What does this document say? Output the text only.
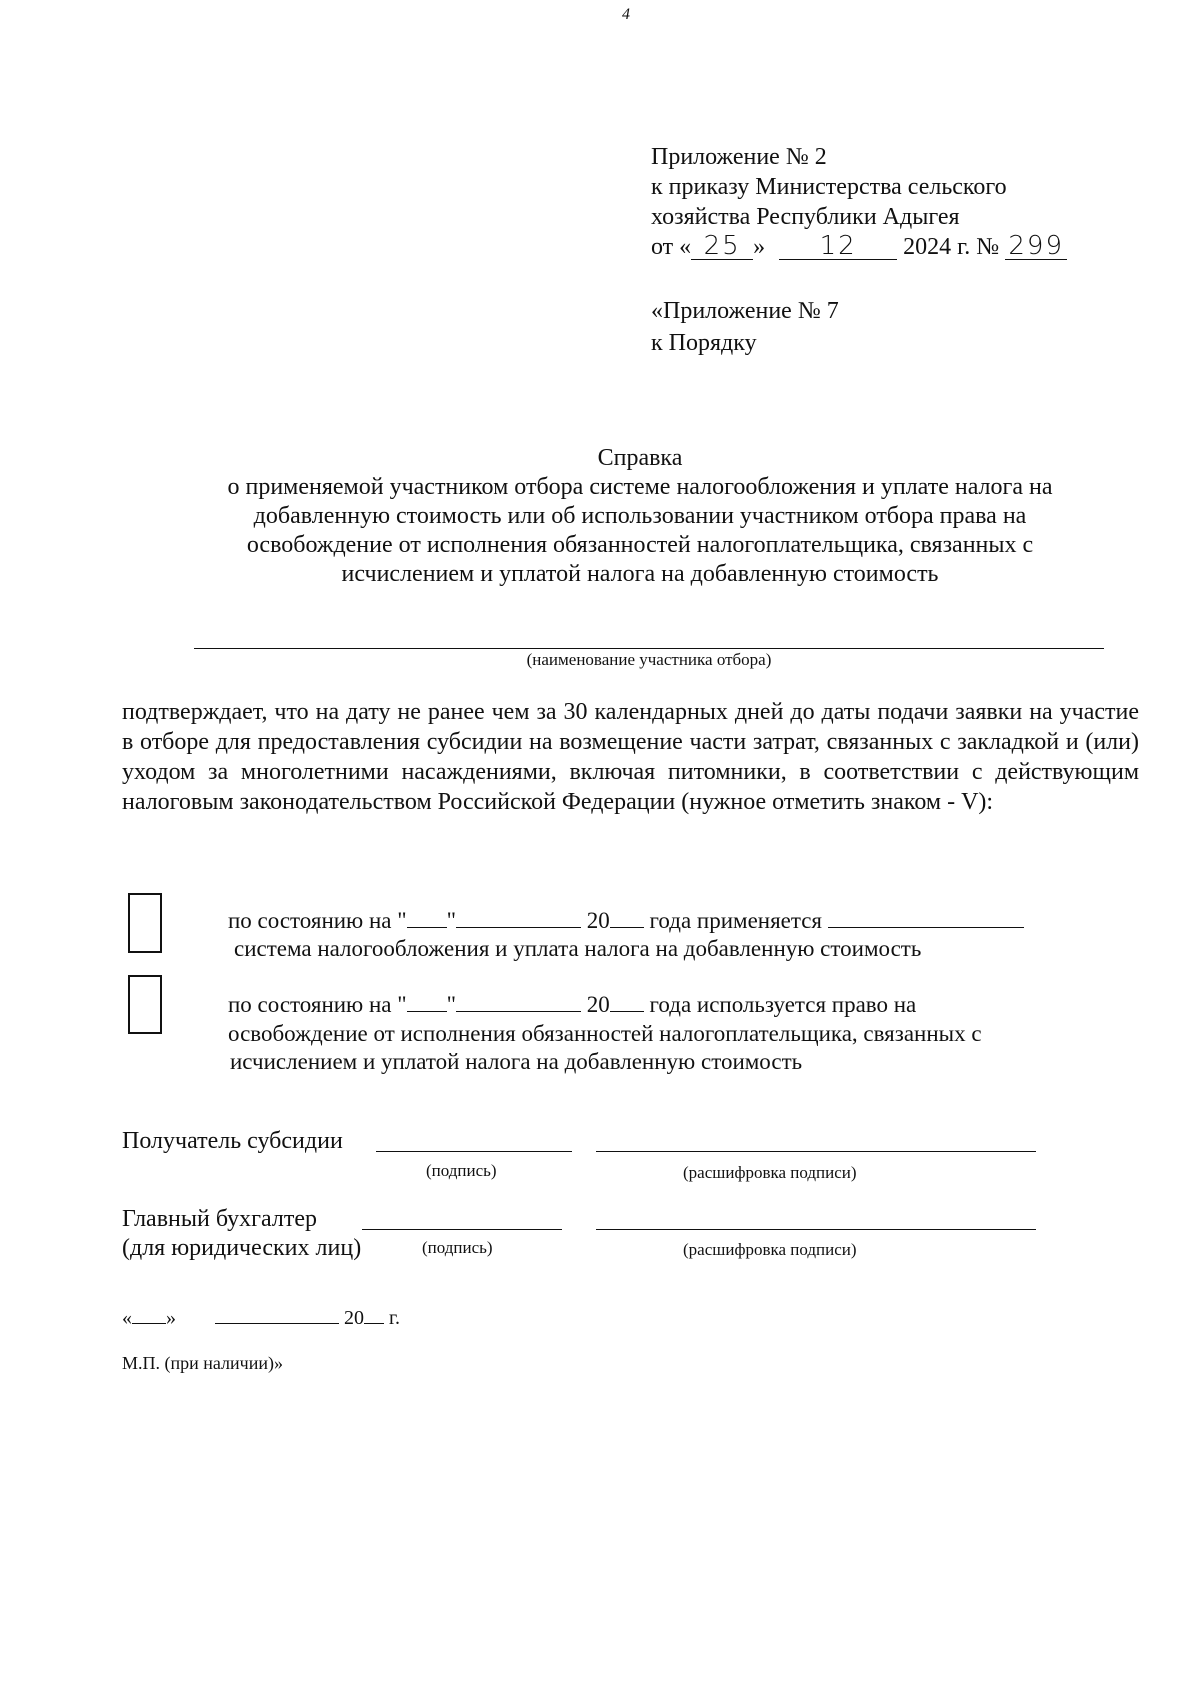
4
Приложение № 2
к приказу Министерства сельского
хозяйства Республики Адыгея
от « 25 » 12 2024 г. № 299
«Приложение № 7
к Порядку
Справка
о применяемой участником отбора системе налогообложения и уплате налога на
добавленную стоимость или об использовании участником отбора права на
освобождение от исполнения обязанностей налогоплательщика, связанных с
исчислением и уплатой налога на добавленную стоимость
(наименование участника отбора)
подтверждает, что на дату не ранее чем за 30 календарных дней до даты подачи заявки на участие в отборе для предоставления субсидии на возмещение части затрат, связанных с закладкой и (или) уходом за многолетними насаждениями, включая питомники, в соответствии с действующим налоговым законодательством Российской Федерации (нужное отметить знаком - V):
по состоянию на " "	20 года применяется
система налогообложения и уплата налога на добавленную стоимость
по состоянию на " "	20 года используется право на
освобождение от исполнения обязанностей налогоплательщика, связанных с
исчислением и уплатой налога на добавленную стоимость
Получатель субсидии
(подпись)	(расшифровка подписи)
Главный бухгалтер
(для юридических лиц)	(подпись)	(расшифровка подписи)
« »	20 г.
М.П. (при наличии)»
